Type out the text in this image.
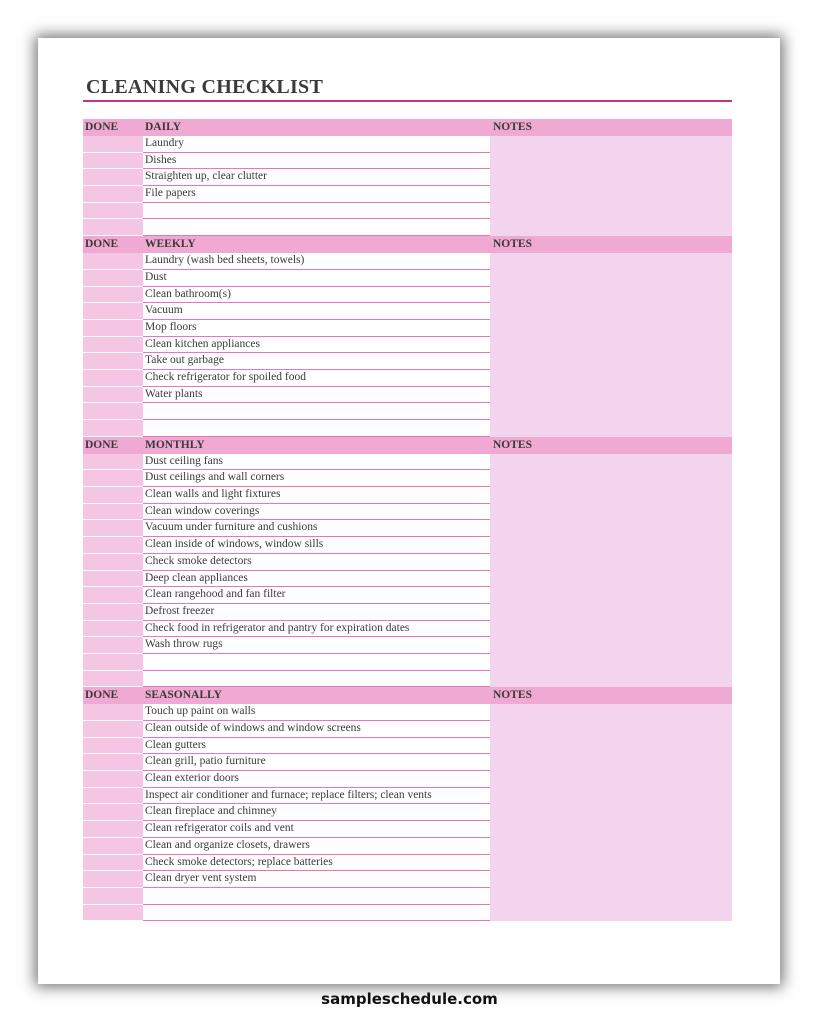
CLEANING CHECKLIST
DONE DAILY	NOTES
Laundry
Dishes
Straighten up, clear clutter
File papers
DONE WEEKLY	NOTES
Laundry (wash bed sheets, towels)
Dust
Clean bathroom(s)
Vacuum
Mop floors
Clean kitchen appliances
Take out garbage
Check refrigerator for spoiled food
Water plants
DONE MONTHLY	NOTES
Dust ceiling fans
Dust ceilings and wall corners
Clean walls and light fixtures
Clean window coverings
Vacuum under furniture and cushions
Clean inside of windows, window sills
Check smoke detectors
Deep clean appliances
Clean rangehood and fan filter
Defrost freezer
Check food in refrigerator and pantry for expiration dates
Wash throw rugs
DONE SEASONALLY	NOTES
Touch up paint on walls
Clean outside of windows and window screens
Clean gutters
Clean grill, patio furniture
Clean exterior doors
Inspect air conditioner and furnace; replace filters; clean vents
Clean fireplace and chimney
Clean refrigerator coils and vent
Clean and organize closets, drawers
Check smoke detectors; replace batteries
Clean dryer vent system
sampleschedule.com
